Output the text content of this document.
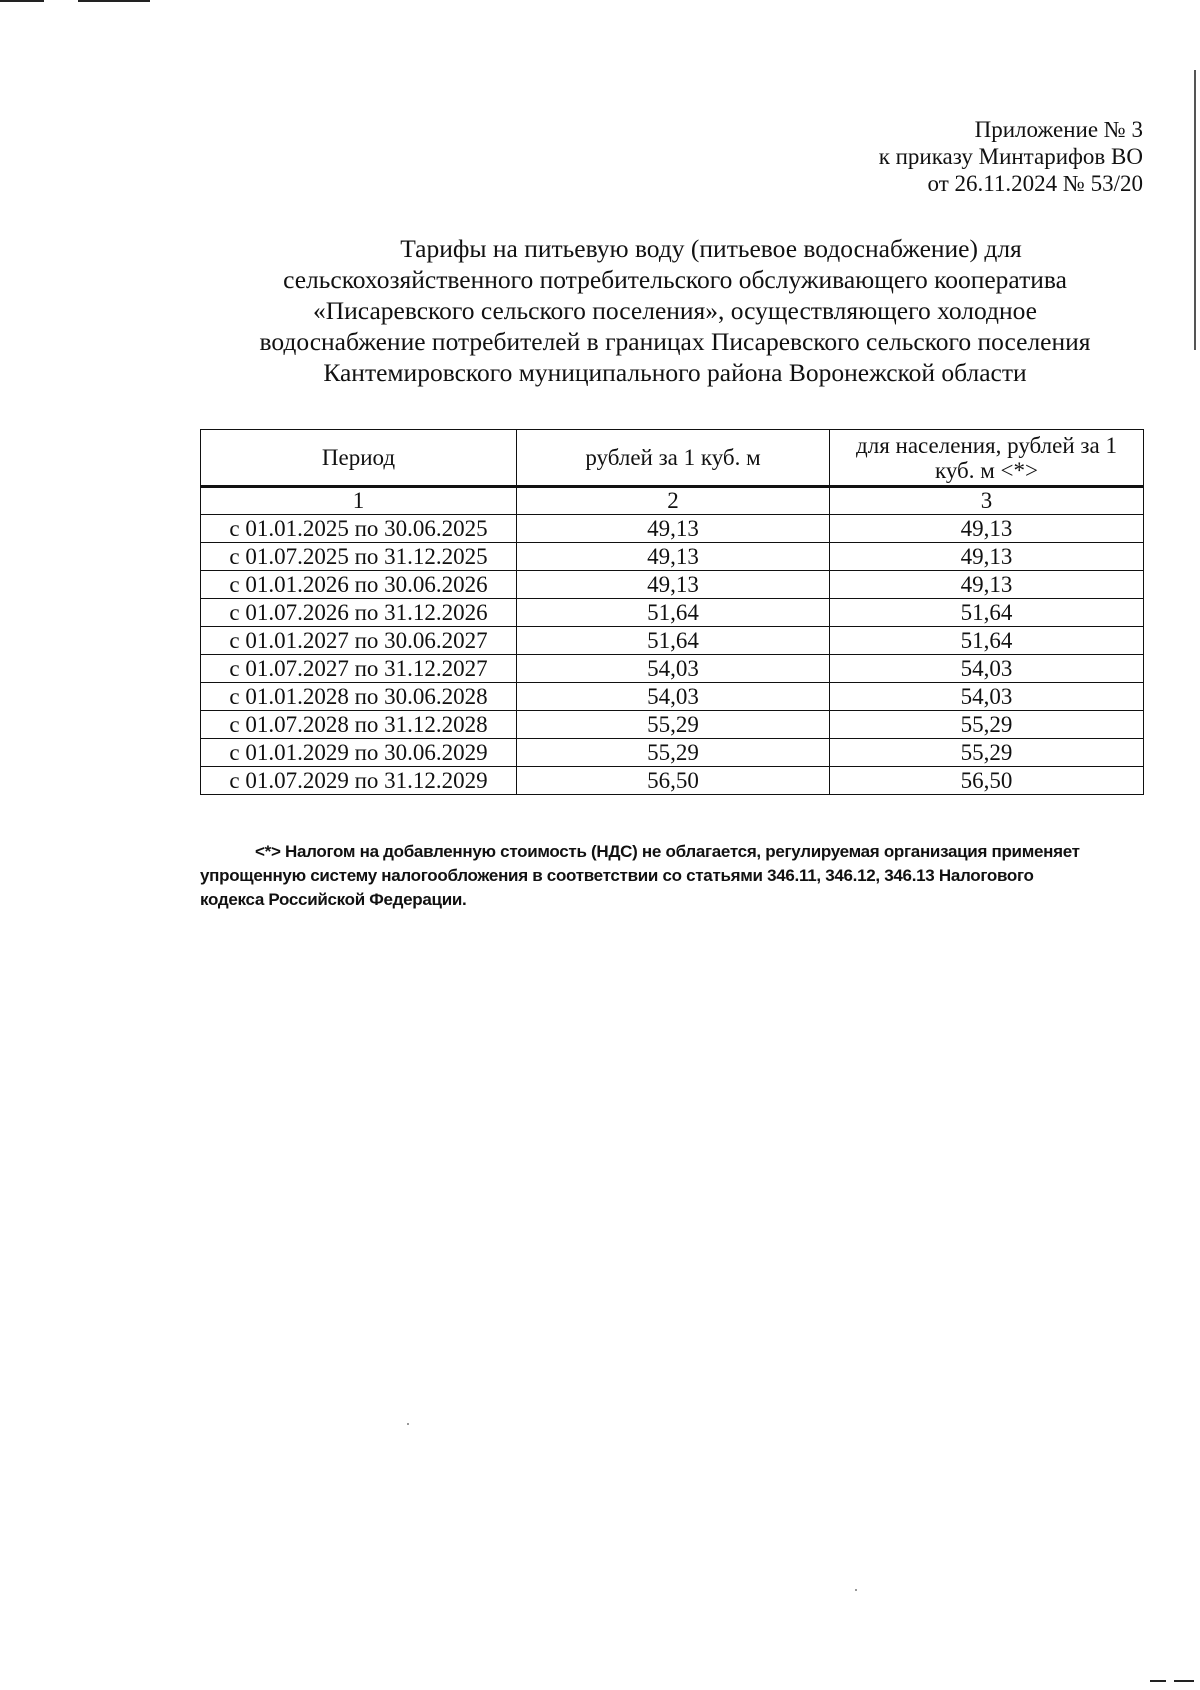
Приложение № 3
к приказу Минтарифов ВО
от 26.11.2024 № 53/20
Тарифы на питьевую воду (питьевое водоснабжение) для
сельскохозяйственного потребительского обслуживающего кооператива
«Писаревского сельского поселения», осуществляющего холодное
водоснабжение потребителей в границах Писаревского сельского поселения
Кантемировского муниципального района Воронежской области
Период	рублей за 1 куб. м	для населения, рублей за 1
куб. м <*>

1	2	3
с 01.01.2025 по 30.06.2025	49,13	49,13
с 01.07.2025 по 31.12.2025	49,13	49,13
с 01.01.2026 по 30.06.2026	49,13	49,13
с 01.07.2026 по 31.12.2026	51,64	51,64
с 01.01.2027 по 30.06.2027	51,64	51,64
с 01.07.2027 по 31.12.2027	54,03	54,03
с 01.01.2028 по 30.06.2028	54,03	54,03
с 01.07.2028 по 31.12.2028	55,29	55,29
с 01.01.2029 по 30.06.2029	55,29	55,29
с 01.07.2029 по 31.12.2029	56,50	56,50
<*> Налогом на добавленную стоимость (НДС) не облагается, регулируемая организация применяет
упрощенную систему налогообложения в соответствии со статьями 346.11, 346.12, 346.13 Налогового
кодекса Российской Федерации.
